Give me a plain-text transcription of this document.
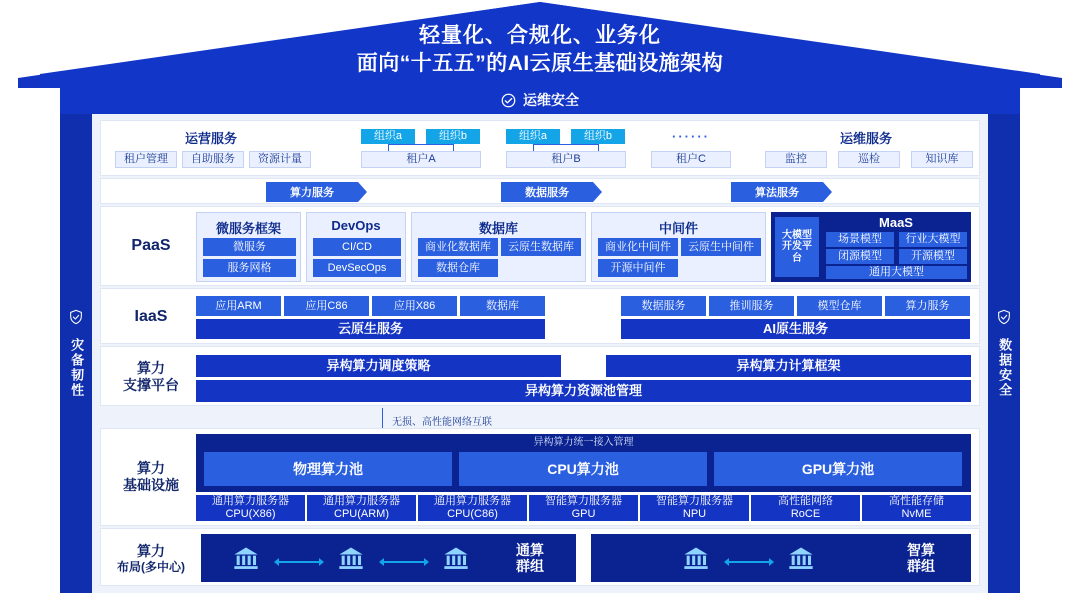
轻量化、合规化、业务化
面向“十五五”的AI云原生基础设施架构
运维安全
灾备韧性	数据安全
运营服务
租户管理	自助服务	资源计量
组织a	组织b	组织a	组织b	······
租户A	租户B	租户C
运维服务
监控	巡检	知识库
算力服务	数据服务	算法服务
PaaS
微服务框架
微服务
服务网格
DevOps
CI/CD
DevSecOps
数据库
商业化数据库	云原生数据库
数据仓库
中间件
商业化中间件	云原生中间件
开源中间件
大模型开发平台
MaaS
场景模型	行业大模型
闭源模型	开源模型
通用大模型
IaaS
应用ARM	应用C86	应用X86	数据库
云原生服务
数据服务	推训服务	模型仓库	算力服务
AI原生服务
算力
支撑平台
异构算力调度策略	异构算力计算框架
异构算力资源池管理
无损、高性能网络互联
算力
基础设施
异构算力统一接入管理
物理算力池	CPU算力池	GPU算力池
通用算力服务器
CPU(X86)
通用算力服务器
CPU(ARM)
通用算力服务器
CPU(C86)
智能算力服务器
GPU
智能算力服务器
NPU
高性能网络
RoCE
高性能存储
NvME
算力
布局(多中心)
通算
群组
智算
群组
